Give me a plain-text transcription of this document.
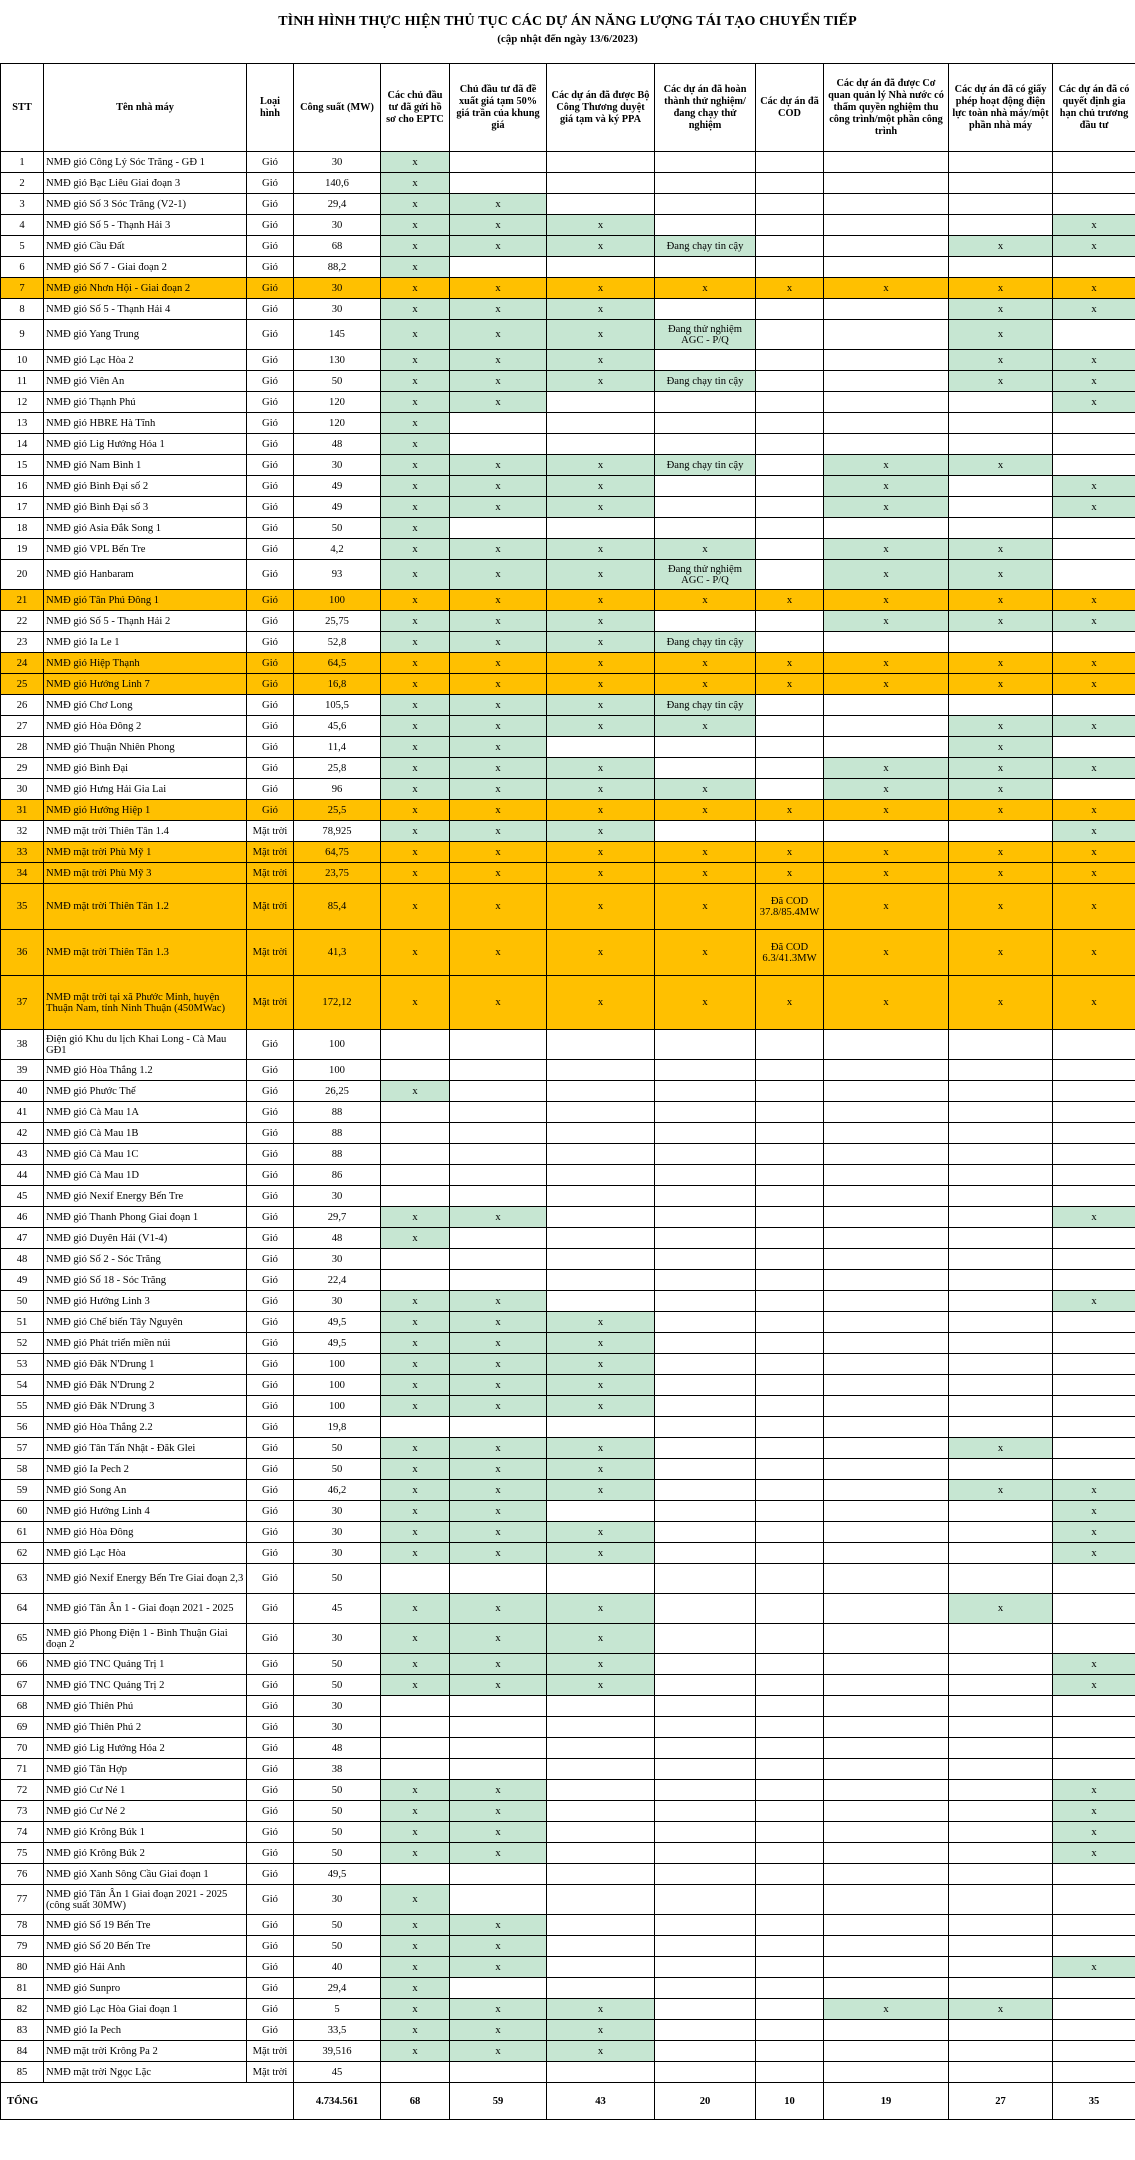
TÌNH HÌNH THỰC HIỆN THỦ TỤC CÁC DỰ ÁN NĂNG LƯỢNG TÁI TẠO CHUYỂN TIẾP
(cập nhật đến ngày 13/6/2023)
STT	Tên nhà máy	Loại hình	Công suất (MW)	Các chủ đầu tư đã gửi hồ sơ cho EPTC	Chủ đầu tư đã đề xuất giá tạm 50% giá trần của khung giá	Các dự án đã được Bộ Công Thương duyệt giá tạm và ký PPA	Các dự án đã hoàn thành thử nghiệm/đang chạy thử nghiệm	Các dự án đã COD	Các dự án đã được Cơ quan quản lý Nhà nước có thẩm quyền nghiệm thu công trình/một phần công trình	Các dự án đã có giấy phép hoạt động điện lực toàn nhà máy/một phần nhà máy	Các dự án đã có quyết định gia hạn chủ trương đầu tư
1	NMĐ gió Công Lý Sóc Trăng - GĐ 1	Gió	30	x							
2	NMĐ gió Bạc Liêu Giai đoạn 3	Gió	140,6	x							
3	NMĐ gió Số 3 Sóc Trăng (V2-1)	Gió	29,4	x	x						
4	NMĐ gió Số 5 - Thạnh Hải 3	Gió	30	x	x	x					x
5	NMĐ gió Cầu Đất	Gió	68	x	x	x	Đang chạy tin cậy			x	x
6	NMĐ gió Số 7 - Giai đoạn 2	Gió	88,2	x							
7	NMĐ gió Nhơn Hội - Giai đoạn 2	Gió	30	x	x	x	x	x	x	x	x
8	NMĐ gió Số 5 - Thạnh Hải 4	Gió	30	x	x	x				x	x
9	NMĐ gió Yang Trung	Gió	145	x	x	x	Đang thử nghiệm AGC - P/Q			x	
10	NMĐ gió Lạc Hòa 2	Gió	130	x	x	x				x	x
11	NMĐ gió Viên An	Gió	50	x	x	x	Đang chạy tin cậy			x	x
12	NMĐ gió Thạnh Phú	Gió	120	x	x						x
13	NMĐ gió HBRE Hà Tĩnh	Gió	120	x							
14	NMĐ gió Lig Hướng Hóa 1	Gió	48	x							
15	NMĐ gió Nam Bình 1	Gió	30	x	x	x	Đang chạy tin cậy		x	x	
16	NMĐ gió Bình Đại số 2	Gió	49	x	x	x			x		x
17	NMĐ gió Bình Đại số 3	Gió	49	x	x	x			x		x
18	NMĐ gió Asia Đắk Song 1	Gió	50	x							
19	NMĐ gió VPL Bến Tre	Gió	4,2	x	x	x	x		x	x	
20	NMĐ gió Hanbaram	Gió	93	x	x	x	Đang thử nghiệm AGC - P/Q		x	x	
21	NMĐ gió Tân Phú Đông 1	Gió	100	x	x	x	x	x	x	x	x
22	NMĐ gió Số 5 - Thạnh Hải 2	Gió	25,75	x	x	x			x	x	x
23	NMĐ gió Ia Le 1	Gió	52,8	x	x	x	Đang chạy tin cậy				
24	NMĐ gió Hiệp Thạnh	Gió	64,5	x	x	x	x	x	x	x	x
25	NMĐ gió Hướng Linh 7	Gió	16,8	x	x	x	x	x	x	x	x
26	NMĐ gió Chơ Long	Gió	105,5	x	x	x	Đang chạy tin cậy				
27	NMĐ gió Hòa Đông 2	Gió	45,6	x	x	x	x			x	x
28	NMĐ gió Thuận Nhiên Phong	Gió	11,4	x	x					x	
29	NMĐ gió Bình Đại	Gió	25,8	x	x	x			x	x	x
30	NMĐ gió Hưng Hải Gia Lai	Gió	96	x	x	x	x		x	x	
31	NMĐ gió Hướng Hiệp 1	Gió	25,5	x	x	x	x	x	x	x	x
32	NMĐ mặt trời Thiên Tân 1.4	Mặt trời	78,925	x	x	x					x
33	NMĐ mặt trời Phù Mỹ 1	Mặt trời	64,75	x	x	x	x	x	x	x	x
34	NMĐ mặt trời Phù Mỹ 3	Mặt trời	23,75	x	x	x	x	x	x	x	x
35	NMĐ mặt trời Thiên Tân 1.2	Mặt trời	85,4	x	x	x	x	Đã COD 37.8/85.4MW	x	x	x
36	NMĐ mặt trời Thiên Tân 1.3	Mặt trời	41,3	x	x	x	x	Đã COD 6.3/41.3MW	x	x	x
37	NMĐ mặt trời tại xã Phước Minh, huyện Thuận Nam, tỉnh Ninh Thuận (450MWac)	Mặt trời	172,12	x	x	x	x	x	x	x	x
38	Điện gió Khu du lịch Khai Long - Cà Mau GĐ1	Gió	100								
39	NMĐ gió Hòa Thắng 1.2	Gió	100								
40	NMĐ gió Phước Thể	Gió	26,25	x							
41	NMĐ gió Cà Mau 1A	Gió	88								
42	NMĐ gió Cà Mau 1B	Gió	88								
43	NMĐ gió Cà Mau 1C	Gió	88								
44	NMĐ gió Cà Mau 1D	Gió	86								
45	NMĐ gió Nexif Energy Bến Tre	Gió	30								
46	NMĐ gió Thanh Phong Giai đoạn 1	Gió	29,7	x	x						x
47	NMĐ gió Duyên Hải (V1-4)	Gió	48	x							
48	NMĐ gió Số 2 - Sóc Trăng	Gió	30								
49	NMĐ gió Số 18 - Sóc Trăng	Gió	22,4								
50	NMĐ gió Hướng Linh 3	Gió	30	x	x						x
51	NMĐ gió Chế biến Tây Nguyên	Gió	49,5	x	x	x					
52	NMĐ gió Phát triển miền núi	Gió	49,5	x	x	x					
53	NMĐ gió Đăk N'Drung 1	Gió	100	x	x	x					
54	NMĐ gió Đăk N'Drung 2	Gió	100	x	x	x					
55	NMĐ gió Đăk N'Drung 3	Gió	100	x	x	x					
56	NMĐ gió Hòa Thắng 2.2	Gió	19,8								
57	NMĐ gió Tân Tấn Nhật - Đăk Glei	Gió	50	x	x	x				x	
58	NMĐ gió Ia Pech 2	Gió	50	x	x	x					
59	NMĐ gió Song An	Gió	46,2	x	x	x				x	x
60	NMĐ gió Hướng Linh 4	Gió	30	x	x						x
61	NMĐ gió Hòa Đông	Gió	30	x	x	x					x
62	NMĐ gió Lạc Hòa	Gió	30	x	x	x					x
63	NMĐ gió Nexif Energy Bến Tre Giai đoạn 2,3	Gió	50								
64	NMĐ gió Tân Ân 1 - Giai đoạn 2021 - 2025	Gió	45	x	x	x				x	
65	NMĐ gió Phong Điện 1 - Bình Thuận Giai đoạn 2	Gió	30	x	x	x					
66	NMĐ gió TNC Quảng Trị 1	Gió	50	x	x	x					x
67	NMĐ gió TNC Quảng Trị 2	Gió	50	x	x	x					x
68	NMĐ gió Thiên Phú	Gió	30								
69	NMĐ gió Thiên Phú 2	Gió	30								
70	NMĐ gió Lig Hướng Hóa 2	Gió	48								
71	NMĐ gió Tân Hợp	Gió	38								
72	NMĐ gió Cư Né 1	Gió	50	x	x						x
73	NMĐ gió Cư Né 2	Gió	50	x	x						x
74	NMĐ gió Krông Búk 1	Gió	50	x	x						x
75	NMĐ gió Krông Búk 2	Gió	50	x	x						x
76	NMĐ gió Xanh Sông Cầu Giai đoạn 1	Gió	49,5								
77	NMĐ gió Tân Ân 1 Giai đoạn 2021 - 2025 (công suất 30MW)	Gió	30	x							
78	NMĐ gió Số 19 Bến Tre	Gió	50	x	x						
79	NMĐ gió Số 20 Bến Tre	Gió	50	x	x						
80	NMĐ gió Hải Anh	Gió	40	x	x						x
81	NMĐ gió Sunpro	Gió	29,4	x							
82	NMĐ gió Lạc Hòa Giai đoạn 1	Gió	5	x	x	x			x	x	
83	NMĐ gió Ia Pech	Gió	33,5	x	x	x					
84	NMĐ mặt trời Krông Pa 2	Mặt trời	39,516	x	x	x					
85	NMĐ mặt trời Ngọc Lặc	Mặt trời	45								
TỔNG			4.734.561	68	59	43	20	10	19	27	35
